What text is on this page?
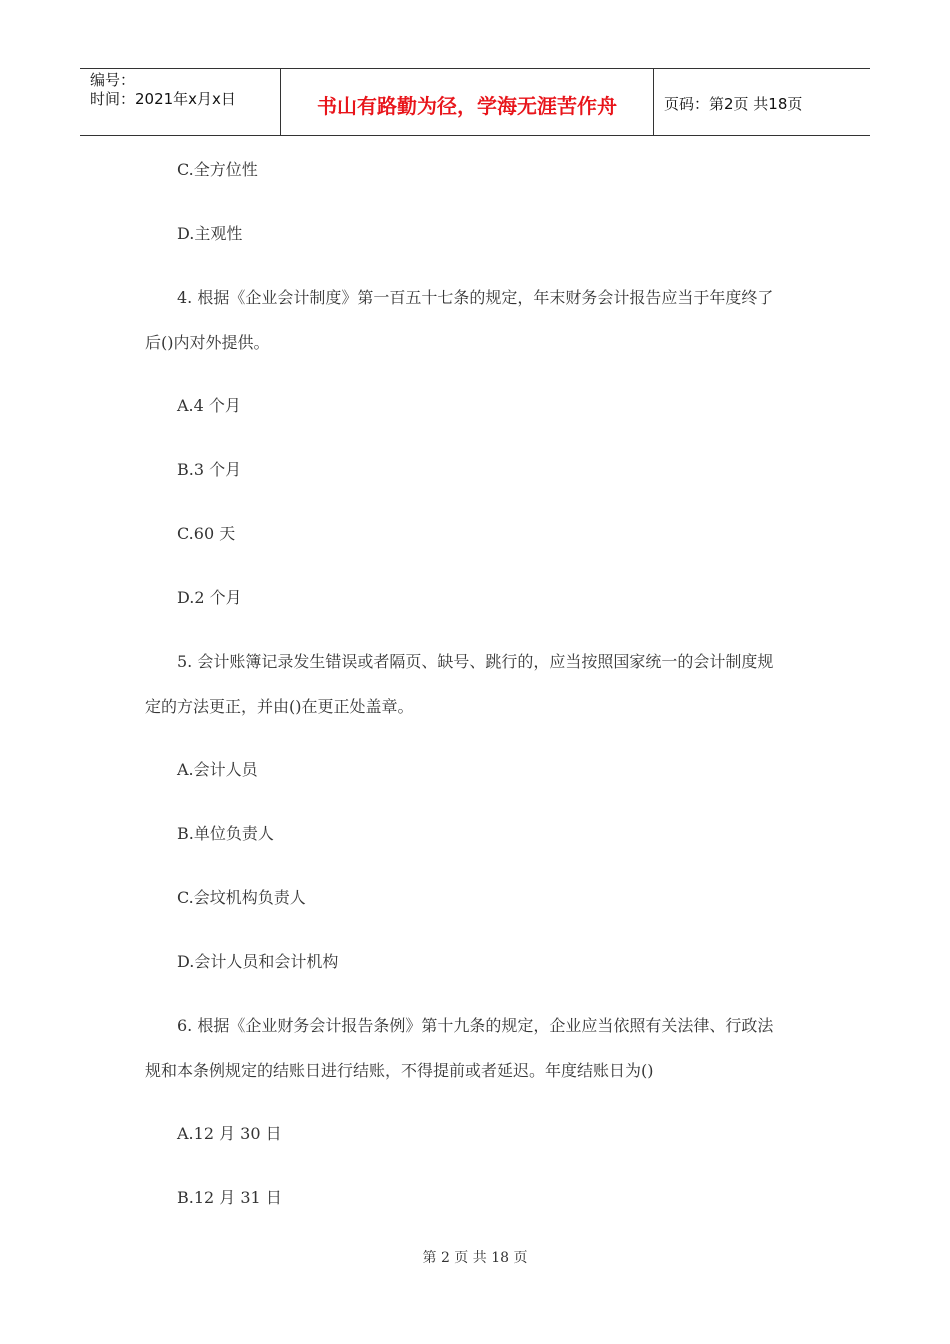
编号：
时间：2021年x月x日	书山有路勤为径，学海无涯苦作舟	页码：第2页 共18页
C.全方位性
D.主观性
4. 根据《企业会计制度》第一百五十七条的规定，年末财务会计报告应当于年度终了
后()内对外提供。
A.4 个月
B.3 个月
C.60 天
D.2 个月
5. 会计账簿记录发生错误或者隔页、缺号、跳行的，应当按照国家统一的会计制度规
定的方法更正，并由()在更正处盖章。
A.会计人员
B.单位负责人
C.会坟机构负责人
D.会计人员和会计机构
6. 根据《企业财务会计报告条例》第十九条的规定，企业应当依照有关法律、行政法
规和本条例规定的结账日进行结账，不得提前或者延迟。年度结账日为()
A.12 月 30 日
B.12 月 31 日
第 2 页 共 18 页
